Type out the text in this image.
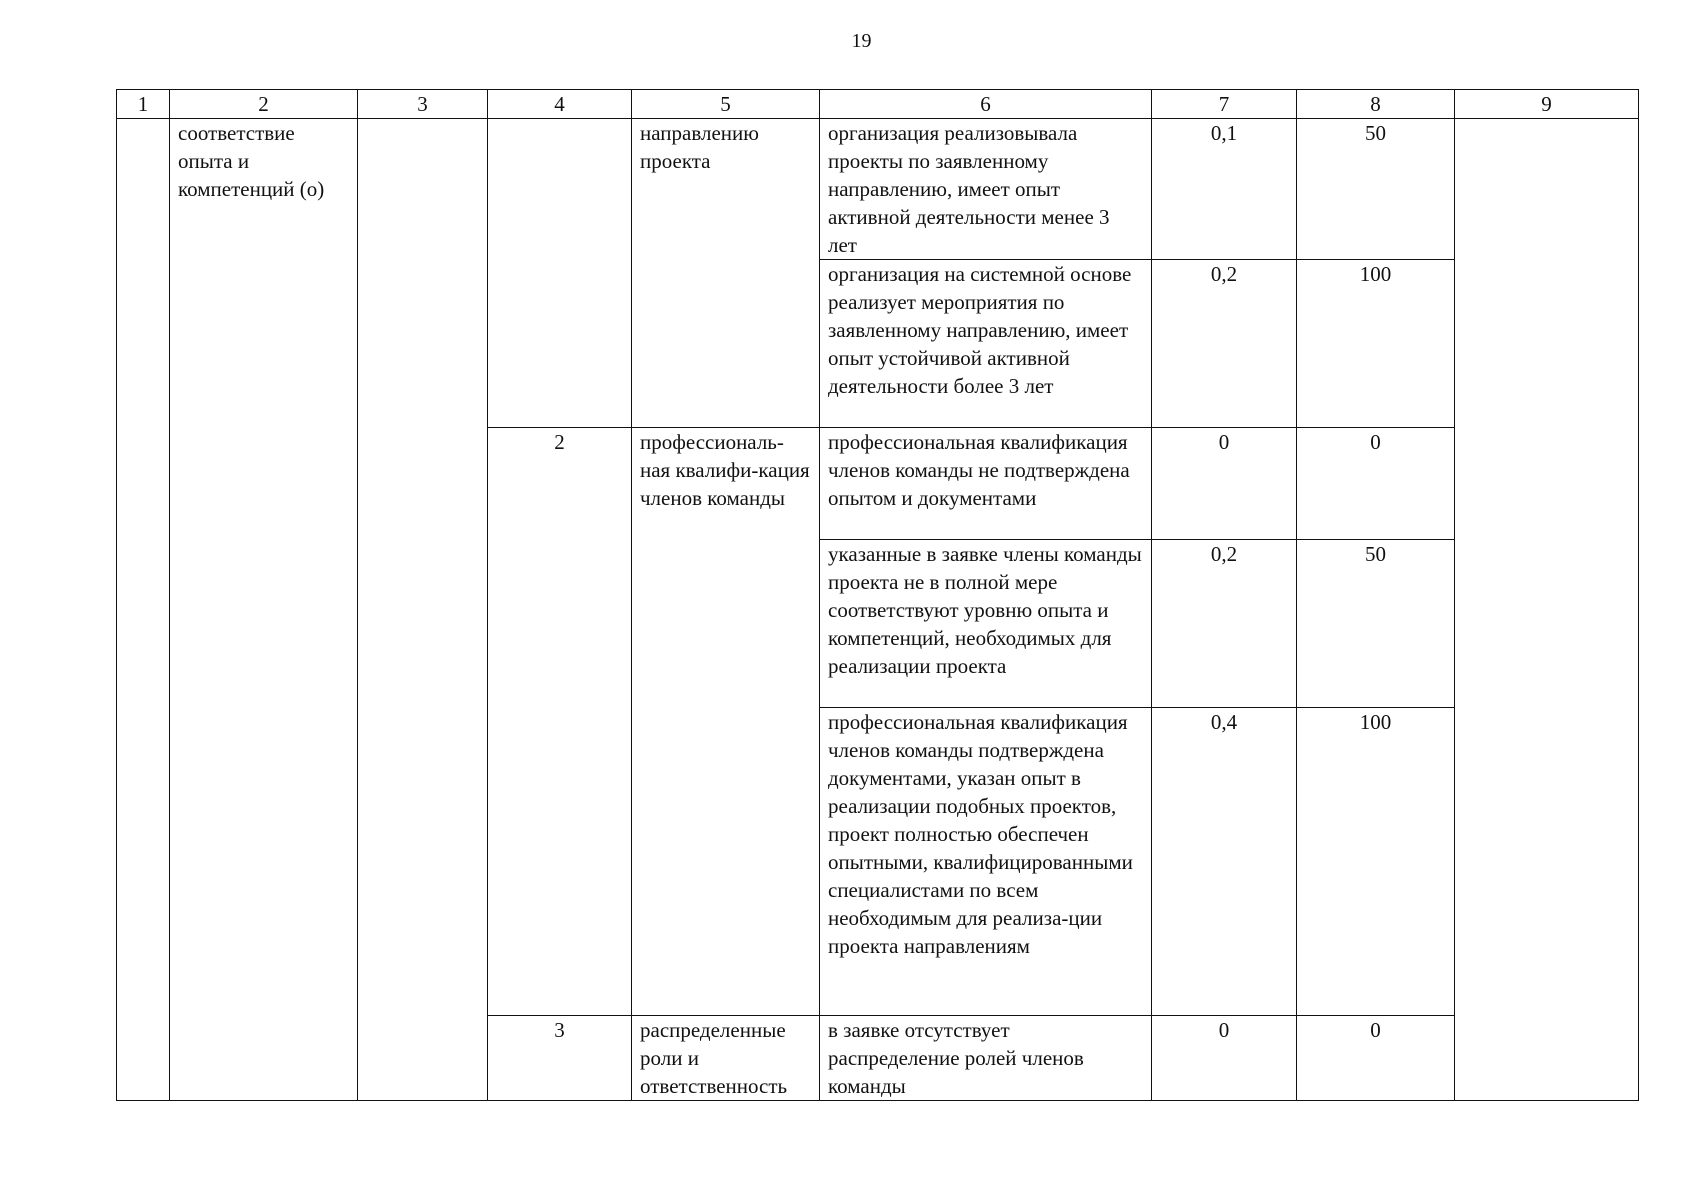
19
1	2	3	4	5	6	7	8	9
	соответствие опыта и компетенций (о)			направлению проекта	организация реализовывала проекты по заявленному направлению, имеет опыт активной деятельности менее 3 лет	0,1	50	
					организация на системной основе реализует мероприятия по заявленному направлению, имеет опыт устойчивой активной деятельности более 3 лет	0,2	100	
			2	профессиональ-ная квалифи-кация членов команды	профессиональная квалификация членов команды не подтверждена опытом и документами	0	0	
					указанные в заявке члены команды проекта не в полной мере соответствуют уровню опыта и компетенций, необходимых для реализации проекта	0,2	50	
					профессиональная квалификация членов команды подтверждена документами, указан опыт в реализации подобных проектов, проект полностью обеспечен опытными, квалифицированными специалистами по всем необходимым для реализа-ции проекта направлениям	0,4	100	
			3	распределенные роли и ответственность	в заявке отсутствует распределение ролей членов команды	0	0	
